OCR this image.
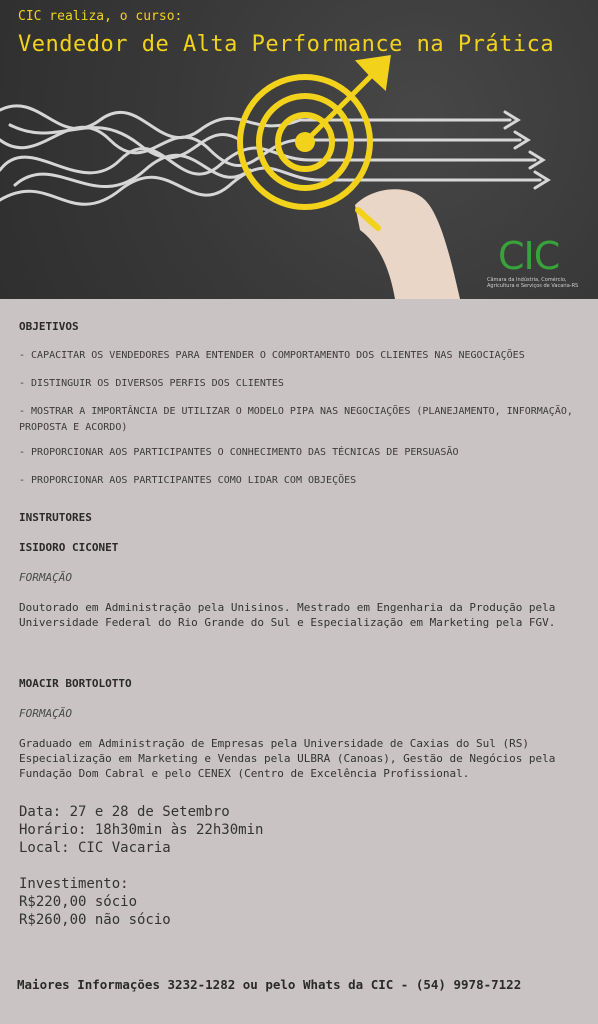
CIC realiza, o curso:
Vendedor de Alta Performance na Prática
CIC
Câmara da Indústria, Comércio, Agricultura e Serviços de Vacaria-RS
OBJETIVOS
- CAPACITAR OS VENDEDORES PARA ENTENDER O COMPORTAMENTO DOS CLIENTES NAS NEGOCIAÇÕES
- DISTINGUIR OS DIVERSOS PERFIS DOS CLIENTES
- MOSTRAR A IMPORTÂNCIA DE UTILIZAR O MODELO PIPA NAS NEGOCIAÇÕES (PLANEJAMENTO, INFORMAÇÃO, PROPOSTA E ACORDO)
- PROPORCIONAR AOS PARTICIPANTES O CONHECIMENTO DAS TÉCNICAS DE PERSUASÃO
- PROPORCIONAR AOS PARTICIPANTES COMO LIDAR COM OBJEÇÕES
INSTRUTORES
ISIDORO CICONET
FORMAÇÃO
Doutorado em Administração pela Unisinos. Mestrado em Engenharia da Produção pela Universidade Federal do Rio Grande do Sul e Especialização em Marketing pela FGV.
MOACIR BORTOLOTTO
FORMAÇÃO
Graduado em Administração de Empresas pela Universidade de Caxias do Sul (RS) Especialização em Marketing e Vendas pela ULBRA (Canoas), Gestão de Negócios pela Fundação Dom Cabral e pelo CENEX (Centro de Excelência Profissional.
Data: 27 e 28 de Setembro
Horário: 18h30min às 22h30min
Local: CIC Vacaria
Investimento:
R$220,00 sócio
R$260,00 não sócio
Maiores Informações 3232-1282 ou pelo Whats da CIC - (54) 9978-7122
